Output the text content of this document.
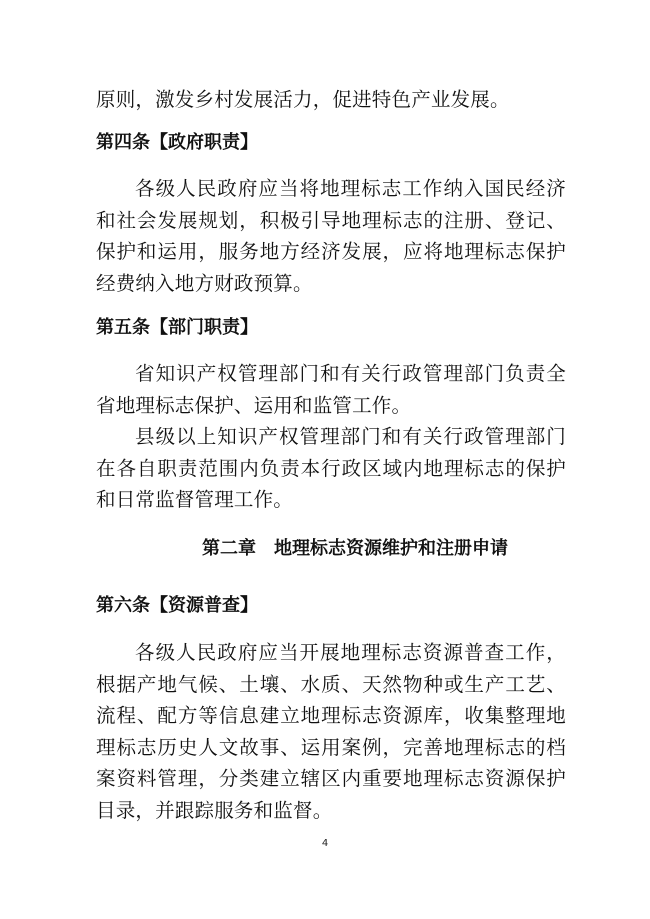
原则，激发乡村发展活力，促进特色产业发展。

第四条【政府职责】

各级人民政府应当将地理标志工作纳入国民经济和社会发展规划，积极引导地理标志的注册、登记、保护和运用，服务地方经济发展，应将地理标志保护经费纳入地方财政预算。

第五条【部门职责】

省知识产权管理部门和有关行政管理部门负责全省地理标志保护、运用和监管工作。

县级以上知识产权管理部门和有关行政管理部门在各自职责范围内负责本行政区域内地理标志的保护和日常监督管理工作。

第二章　地理标志资源维护和注册申请

第六条【资源普查】

各级人民政府应当开展地理标志资源普查工作，根据产地气候、土壤、水质、天然物种或生产工艺、流程、配方等信息建立地理标志资源库，收集整理地理标志历史人文故事、运用案例，完善地理标志的档案资料管理，分类建立辖区内重要地理标志资源保护目录，并跟踪服务和监督。

4
